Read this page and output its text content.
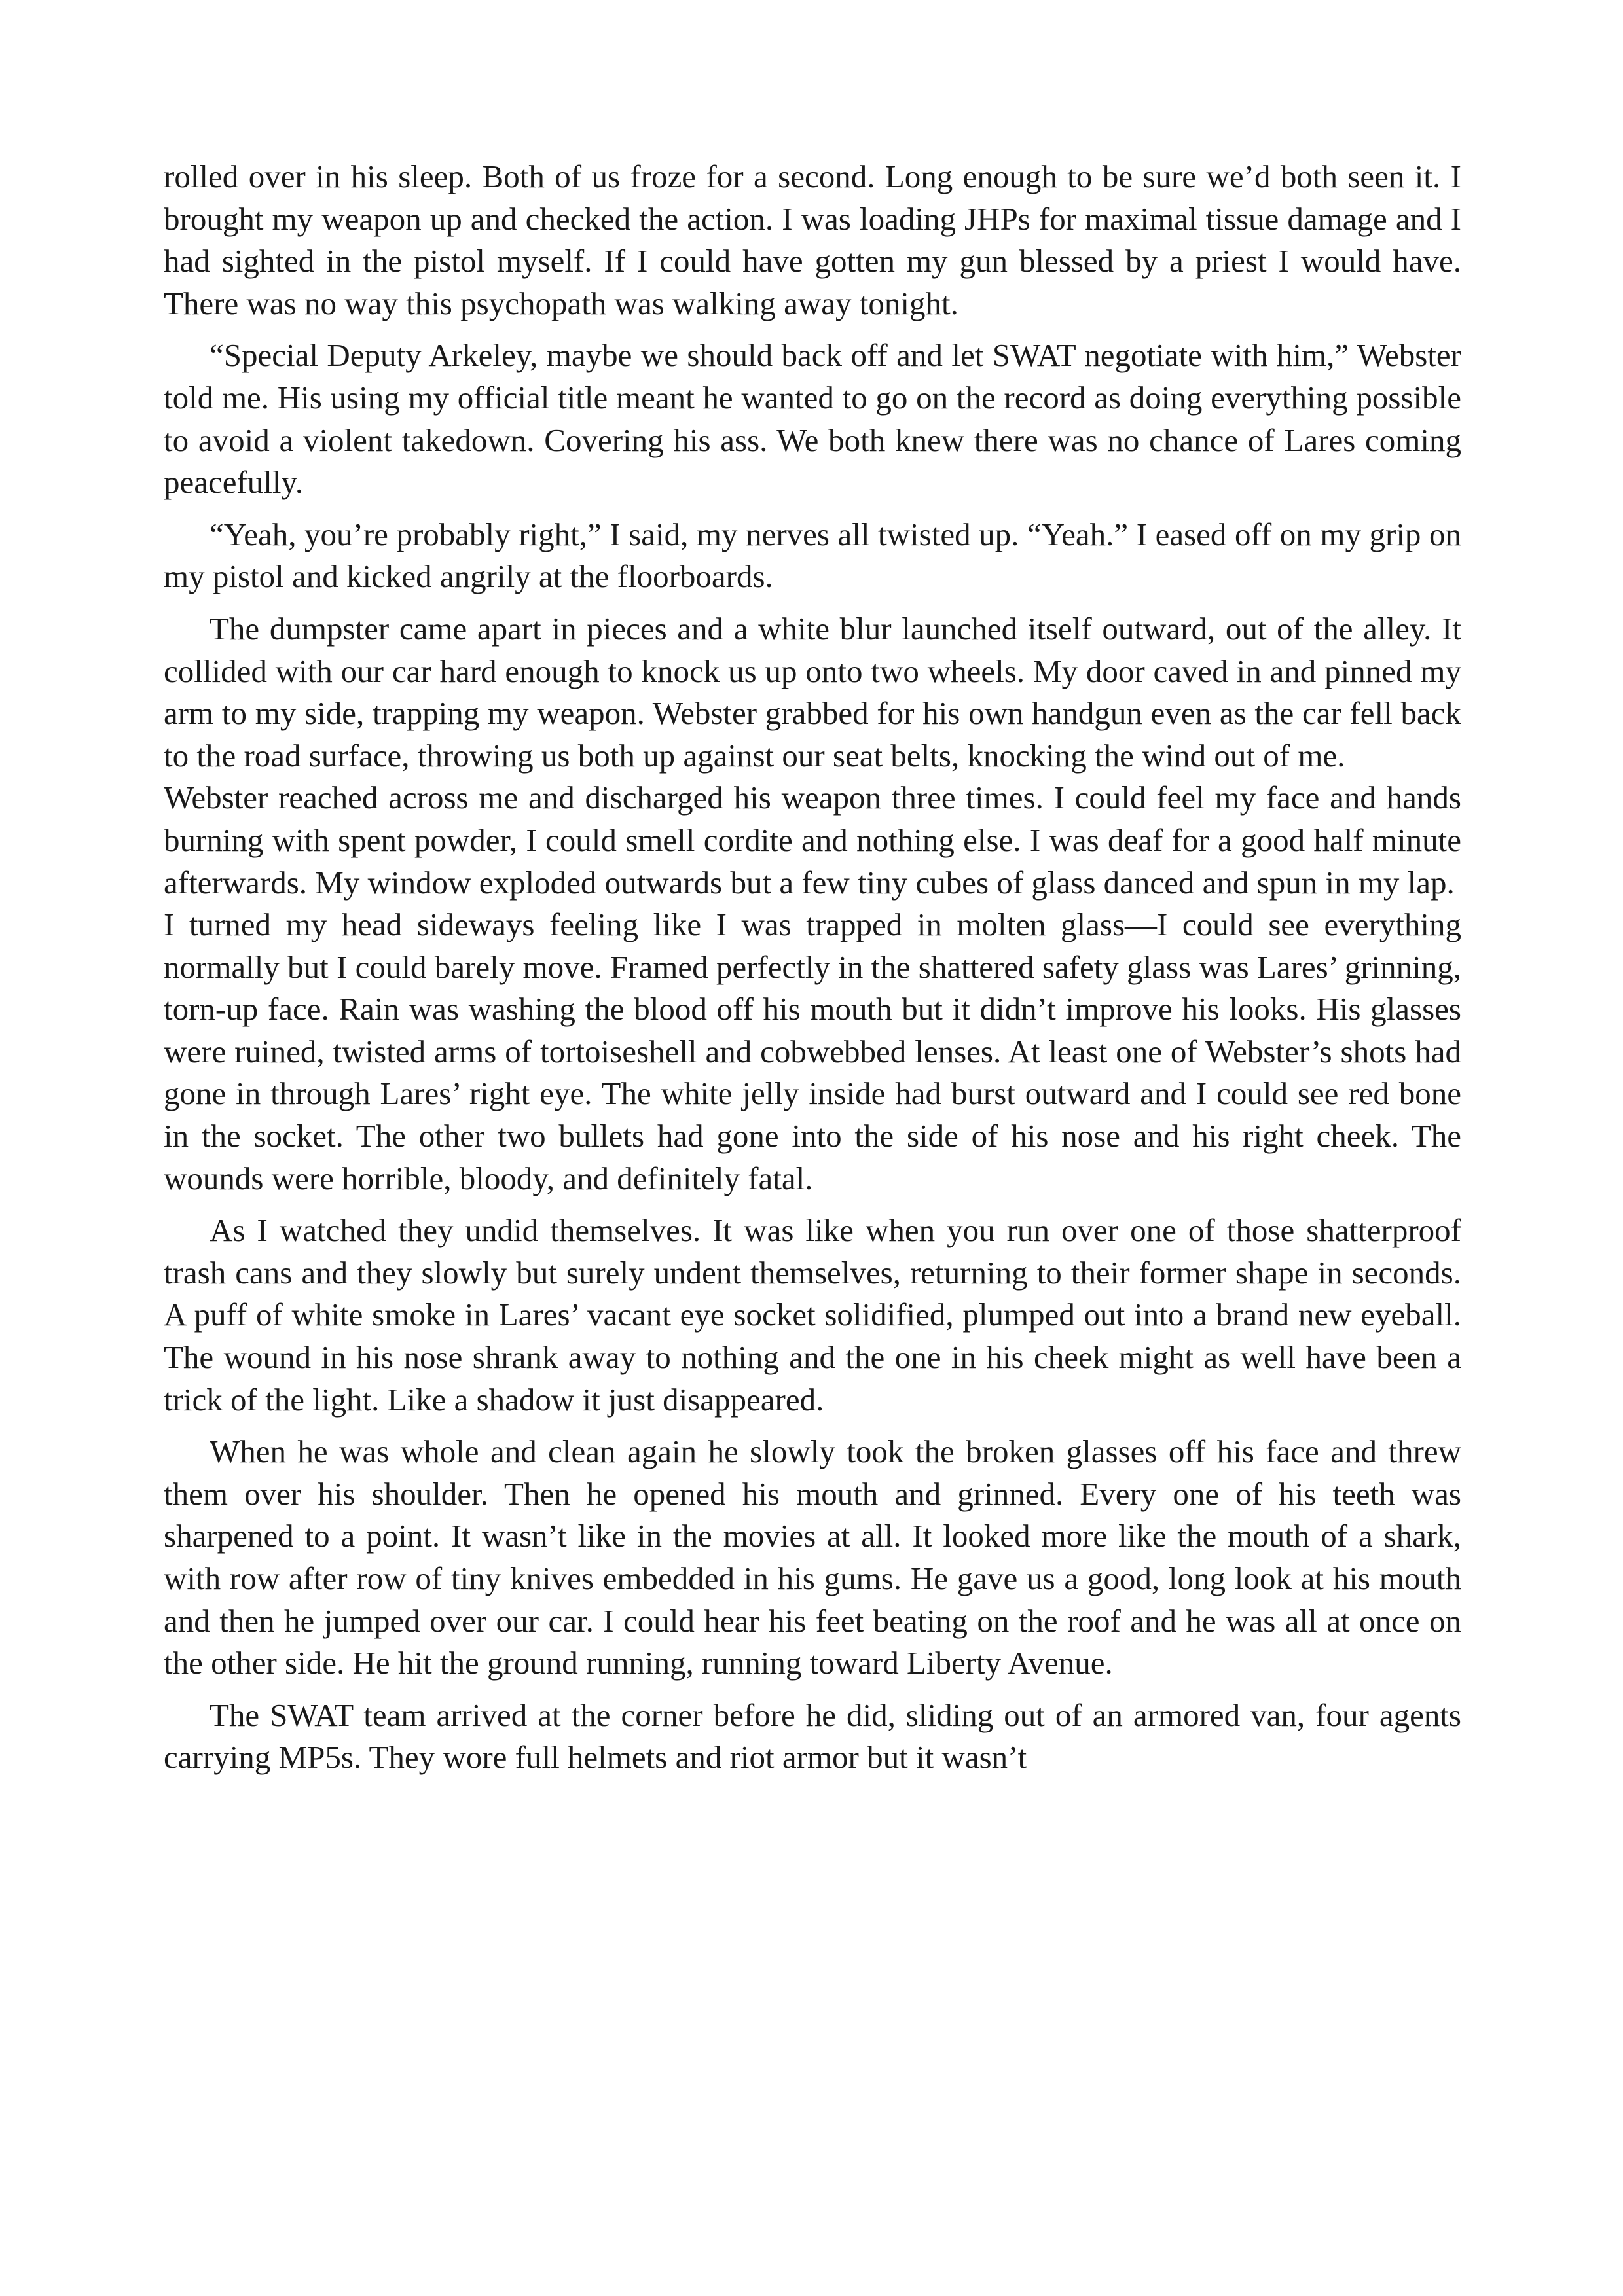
rolled over in his sleep. Both of us froze for a second. Long enough to be sure we’d both seen it. I brought my weapon up and checked the action. I was loading JHPs for maximal tissue damage and I had sighted in the pistol myself. If I could have gotten my gun blessed by a priest I would have. There was no way this psychopath was walking away tonight.

“Special Deputy Arkeley, maybe we should back off and let SWAT negotiate with him,” Webster told me. His using my official title meant he wanted to go on the record as doing everything possible to avoid a violent takedown. Covering his ass. We both knew there was no chance of Lares coming peacefully.

“Yeah, you’re probably right,” I said, my nerves all twisted up. “Yeah.” I eased off on my grip on my pistol and kicked angrily at the floorboards.

The dumpster came apart in pieces and a white blur launched itself outward, out of the alley. It collided with our car hard enough to knock us up onto two wheels. My door caved in and pinned my arm to my side, trapping my weapon. Webster grabbed for his own handgun even as the car fell back to the road surface, throwing us both up against our seat belts, knocking the wind out of me.

Webster reached across me and discharged his weapon three times. I could feel my face and hands burning with spent powder, I could smell cordite and nothing else. I was deaf for a good half minute afterwards. My window exploded outwards but a few tiny cubes of glass danced and spun in my lap.

I turned my head sideways feeling like I was trapped in molten glass—I could see everything normally but I could barely move. Framed perfectly in the shattered safety glass was Lares’ grinning, torn-up face. Rain was washing the blood off his mouth but it didn’t improve his looks. His glasses were ruined, twisted arms of tortoiseshell and cobwebbed lenses. At least one of Webster’s shots had gone in through Lares’ right eye. The white jelly inside had burst outward and I could see red bone in the socket. The other two bullets had gone into the side of his nose and his right cheek. The wounds were horrible, bloody, and definitely fatal.

As I watched they undid themselves. It was like when you run over one of those shatterproof trash cans and they slowly but surely undent themselves, returning to their former shape in seconds. A puff of white smoke in Lares’ vacant eye socket solidified, plumped out into a brand new eyeball. The wound in his nose shrank away to nothing and the one in his cheek might as well have been a trick of the light. Like a shadow it just disappeared.

When he was whole and clean again he slowly took the broken glasses off his face and threw them over his shoulder. Then he opened his mouth and grinned. Every one of his teeth was sharpened to a point. It wasn’t like in the movies at all. It looked more like the mouth of a shark, with row after row of tiny knives embedded in his gums. He gave us a good, long look at his mouth and then he jumped over our car. I could hear his feet beating on the roof and he was all at once on the other side. He hit the ground running, running toward Liberty Avenue.

The SWAT team arrived at the corner before he did, sliding out of an armored van, four agents carrying MP5s. They wore full helmets and riot armor but it wasn’t
